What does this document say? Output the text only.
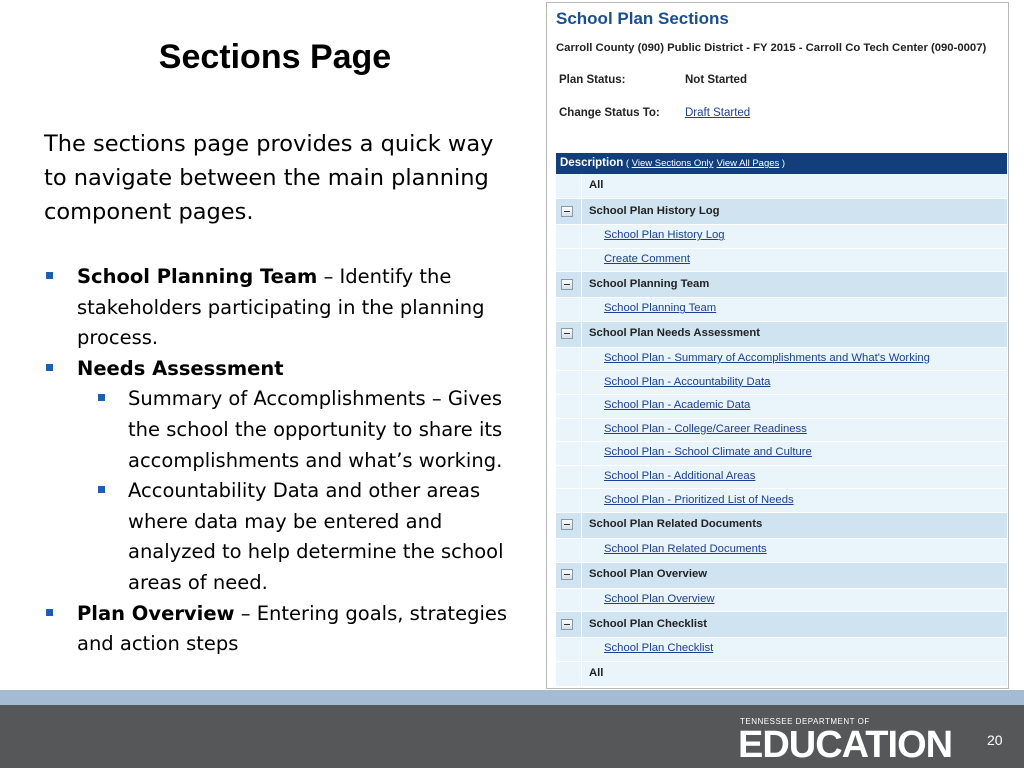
Sections Page
The sections page provides a quick way to navigate between the main planning component pages.
School Planning Team – Identify the stakeholders participating in the planning process.
Needs Assessment
Summary of Accomplishments – Gives the school the opportunity to share its accomplishments and what’s working.
Accountability Data and other areas where data may be entered and analyzed to help determine the school areas of need.
Plan Overview – Entering goals, strategies and action steps
School Plan Sections
Carroll County (090) Public District - FY 2015 - Carroll Co Tech Center (090-0007)
Plan Status:	Not Started
Change Status To: Draft Started
Description ( View Sections Only View All Pages )
All
School Plan History Log
School Plan History Log
Create Comment
School Planning Team
School Planning Team
School Plan Needs Assessment
School Plan - Summary of Accomplishments and What's Working
School Plan - Accountability Data
School Plan - Academic Data
School Plan - College/Career Readiness
School Plan - School Climate and Culture
School Plan - Additional Areas
School Plan - Prioritized List of Needs
School Plan Related Documents
School Plan Related Documents
School Plan Overview
School Plan Overview
School Plan Checklist
School Plan Checklist
All
TENNESSEE DEPARTMENT OF
EDUCATION 20
